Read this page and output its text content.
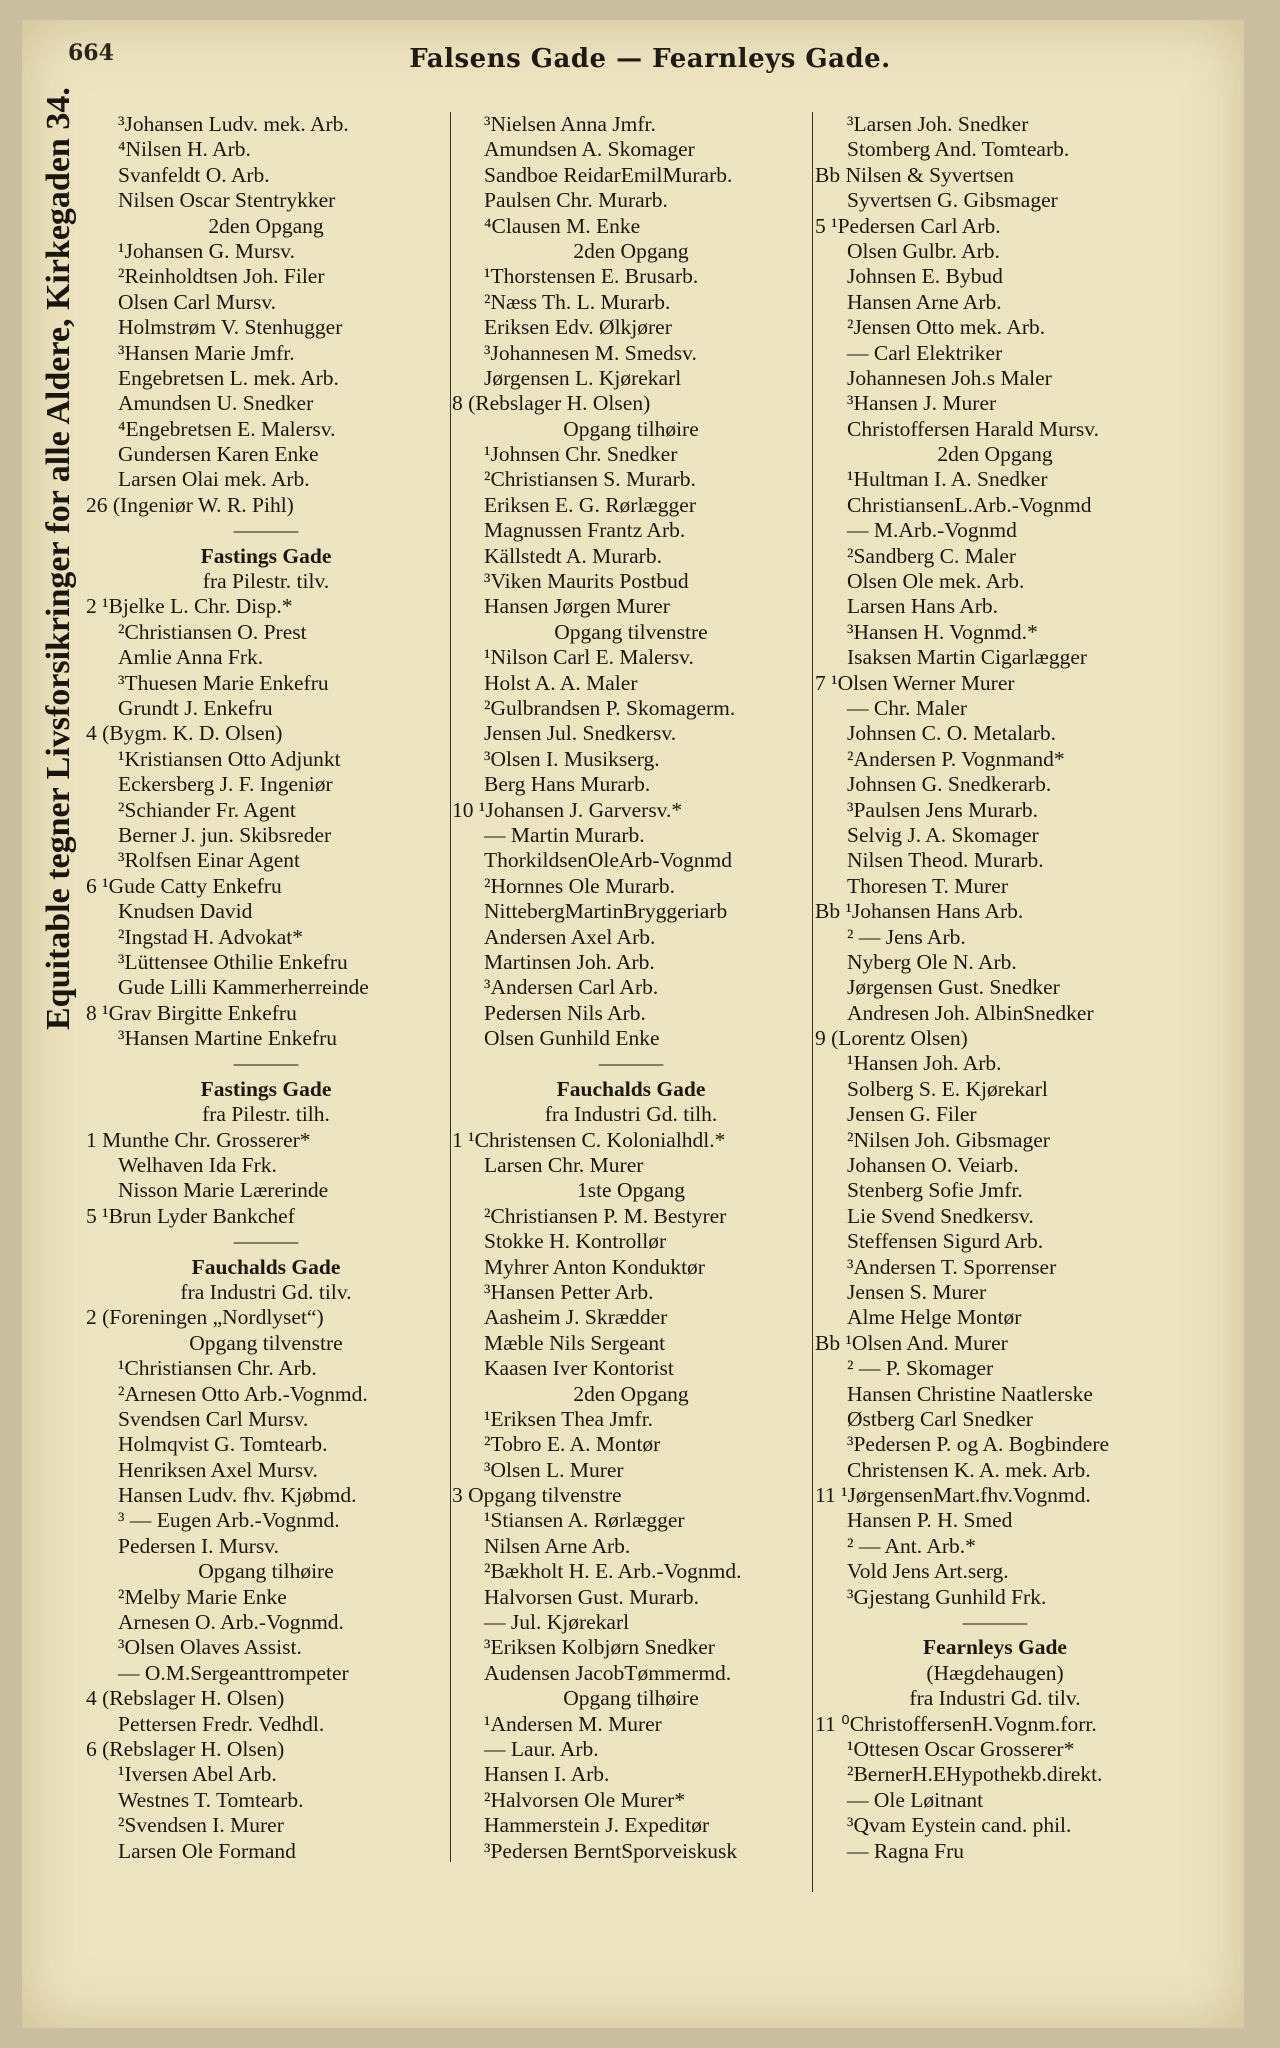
664	Falsens Gade — Fearnleys Gade.
Equitable tegner Livsforsikringer for alle Aldere, Kirkegaden 34.	³Johansen Ludv. mek. Arb.
⁴Nilsen H. Arb.
Svanfeldt O. Arb.
Nilsen Oscar Stentrykker
2den Opgang
¹Johansen G. Mursv.
²Reinholdtsen Joh. Filer
Olsen Carl Mursv.
Holmstrøm V. Stenhugger
³Hansen Marie Jmfr.
Engebretsen L. mek. Arb.
Amundsen U. Snedker
⁴Engebretsen E. Malersv.
Gundersen Karen Enke
Larsen Olai mek. Arb.
26 (Ingeniør W. R. Pihl)
———
Fastings Gade
fra Pilestr. tilv.
2 ¹Bjelke L. Chr. Disp.*
²Christiansen O. Prest
Amlie Anna Frk.
³Thuesen Marie Enkefru
Grundt J. Enkefru
4 (Bygm. K. D. Olsen)
¹Kristiansen Otto Adjunkt
Eckersberg J. F. Ingeniør
²Schiander Fr. Agent
Berner J. jun. Skibsreder
³Rolfsen Einar Agent
6 ¹Gude Catty Enkefru
Knudsen David
²Ingstad H. Advokat*
³Lüttensee Othilie Enkefru
Gude Lilli Kammerherreinde
8 ¹Grav Birgitte Enkefru
³Hansen Martine Enkefru
———
Fastings Gade
fra Pilestr. tilh.
1 Munthe Chr. Grosserer*
Welhaven Ida Frk.
Nisson Marie Lærerinde
5 ¹Brun Lyder Bankchef
———
Fauchalds Gade
fra Industri Gd. tilv.
2 (Foreningen „Nordlyset“)
Opgang tilvenstre
¹Christiansen Chr. Arb.
²Arnesen Otto Arb.-Vognmd.
Svendsen Carl Mursv.
Holmqvist G. Tomtearb.
Henriksen Axel Mursv.
Hansen Ludv. fhv. Kjøbmd.
³ — Eugen Arb.-Vognmd.
Pedersen I. Mursv.
Opgang tilhøire
²Melby Marie Enke
Arnesen O. Arb.-Vognmd.
³Olsen Olaves Assist.
— O.M.Sergeanttrompeter
4 (Rebslager H. Olsen)
Pettersen Fredr. Vedhdl.
6 (Rebslager H. Olsen)
¹Iversen Abel Arb.
Westnes T. Tomtearb.
²Svendsen I. Murer
Larsen Ole Formand
³Nielsen Anna Jmfr.
Amundsen A. Skomager
Sandboe ReidarEmilMurarb.
Paulsen Chr. Murarb.
⁴Clausen M. Enke
2den Opgang
¹Thorstensen E. Brusarb.
²Næss Th. L. Murarb.
Eriksen Edv. Ølkjører
³Johannesen M. Smedsv.
Jørgensen L. Kjørekarl
8 (Rebslager H. Olsen)
Opgang tilhøire
¹Johnsen Chr. Snedker
²Christiansen S. Murarb.
Eriksen E. G. Rørlægger
Magnussen Frantz Arb.
Källstedt A. Murarb.
³Viken Maurits Postbud
Hansen Jørgen Murer
Opgang tilvenstre
¹Nilson Carl E. Malersv.
Holst A. A. Maler
²Gulbrandsen P. Skomagerm.
Jensen Jul. Snedkersv.
³Olsen I. Musikserg.
Berg Hans Murarb.
10 ¹Johansen J. Garversv.*
— Martin Murarb.
ThorkildsenOleArb-Vognmd
²Hornnes Ole Murarb.
NittebergMartinBryggeriarb
Andersen Axel Arb.
Martinsen Joh. Arb.
³Andersen Carl Arb.
Pedersen Nils Arb.
Olsen Gunhild Enke
———
Fauchalds Gade
fra Industri Gd. tilh.
1 ¹Christensen C. Kolonialhdl.*
Larsen Chr. Murer
1ste Opgang
²Christiansen P. M. Bestyrer
Stokke H. Kontrollør
Myhrer Anton Konduktør
³Hansen Petter Arb.
Aasheim J. Skrædder
Mæble Nils Sergeant
Kaasen Iver Kontorist
2den Opgang
¹Eriksen Thea Jmfr.
²Tobro E. A. Montør
³Olsen L. Murer
3 Opgang tilvenstre
¹Stiansen A. Rørlægger
Nilsen Arne Arb.
²Bækholt H. E. Arb.-Vognmd.
Halvorsen Gust. Murarb.
— Jul. Kjørekarl
³Eriksen Kolbjørn Snedker
Audensen JacobTømmermd.
Opgang tilhøire
¹Andersen M. Murer
— Laur. Arb.
Hansen I. Arb.
²Halvorsen Ole Murer*
Hammerstein J. Expeditør
³Pedersen BerntSporveiskusk
³Larsen Joh. Snedker
Stomberg And. Tomtearb.
Bb Nilsen & Syvertsen
Syvertsen G. Gibsmager
5 ¹Pedersen Carl Arb.
Olsen Gulbr. Arb.
Johnsen E. Bybud
Hansen Arne Arb.
²Jensen Otto mek. Arb.
— Carl Elektriker
Johannesen Joh.s Maler
³Hansen J. Murer
Christoffersen Harald Mursv.
2den Opgang
¹Hultman I. A. Snedker
ChristiansenL.Arb.-Vognmd
— M.Arb.-Vognmd
²Sandberg C. Maler
Olsen Ole mek. Arb.
Larsen Hans Arb.
³Hansen H. Vognmd.*
Isaksen Martin Cigarlægger
7 ¹Olsen Werner Murer
— Chr. Maler
Johnsen C. O. Metalarb.
²Andersen P. Vognmand*
Johnsen G. Snedkerarb.
³Paulsen Jens Murarb.
Selvig J. A. Skomager
Nilsen Theod. Murarb.
Thoresen T. Murer
Bb ¹Johansen Hans Arb.
² — Jens Arb.
Nyberg Ole N. Arb.
Jørgensen Gust. Snedker
Andresen Joh. AlbinSnedker
9 (Lorentz Olsen)
¹Hansen Joh. Arb.
Solberg S. E. Kjørekarl
Jensen G. Filer
²Nilsen Joh. Gibsmager
Johansen O. Veiarb.
Stenberg Sofie Jmfr.
Lie Svend Snedkersv.
Steffensen Sigurd Arb.
³Andersen T. Sporrenser
Jensen S. Murer
Alme Helge Montør
Bb ¹Olsen And. Murer
² — P. Skomager
Hansen Christine Naatlerske
Østberg Carl Snedker
³Pedersen P. og A. Bogbindere
Christensen K. A. mek. Arb.
11 ¹JørgensenMart.fhv.Vognmd.
Hansen P. H. Smed
² — Ant. Arb.*
Vold Jens Art.serg.
³Gjestang Gunhild Frk.
———
Fearnleys Gade
(Hægdehaugen)
fra Industri Gd. tilv.
11 ⁰ChristoffersenH.Vognm.forr.
¹Ottesen Oscar Grosserer*
²BernerH.EHypothekb.direkt.
— Ole Løitnant
³Qvam Eystein cand. phil.
— Ragna Fru
